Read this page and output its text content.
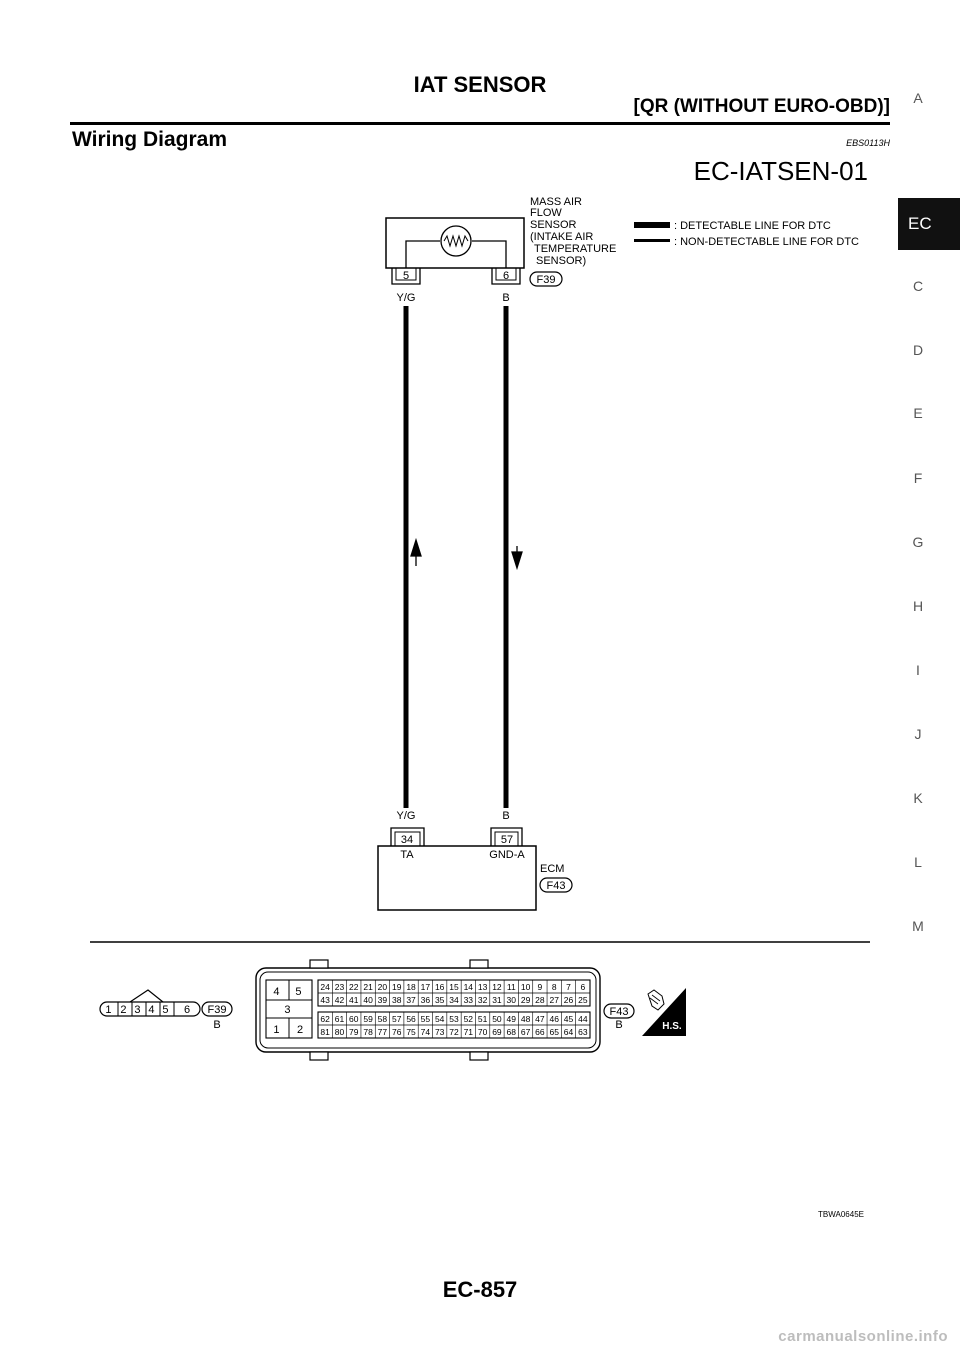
IAT SENSOR
[QR (WITHOUT EURO-OBD)]
Wiring Diagram	EBS0113H
EC-IATSEN-01
A
EC
C
D
E
F
G
H
I
J
K
L
M
: DETECTABLE LINE FOR DTC
: NON-DETECTABLE LINE FOR DTC
MASS AIR FLOW SENSOR (INTAKE AIR TEMPERATURE SENSOR)
5	6 F39
Y/G	B
Y/G	B
34	57
TA	GND-A
ECM
F43
1 2 3 4 5 6 F39
B
4 5 3 1 2
24 23 22 21 20 19 18 17 16 15 14 13 12 11 10 9 8 7 6
43 42 41 40 39 38 37 36 35 34 33 32 31 30 29 28 27 26 25
62 61 60 59 58 57 56 55 54 53 52 51 50 49 48 47 46 45 44
81 80 79 78 77 76 75 74 73 72 71 70 69 68 67 66 65 64 63
F43
B	H.S.
TBWA0645E
EC-857
carmanualsonline.info
